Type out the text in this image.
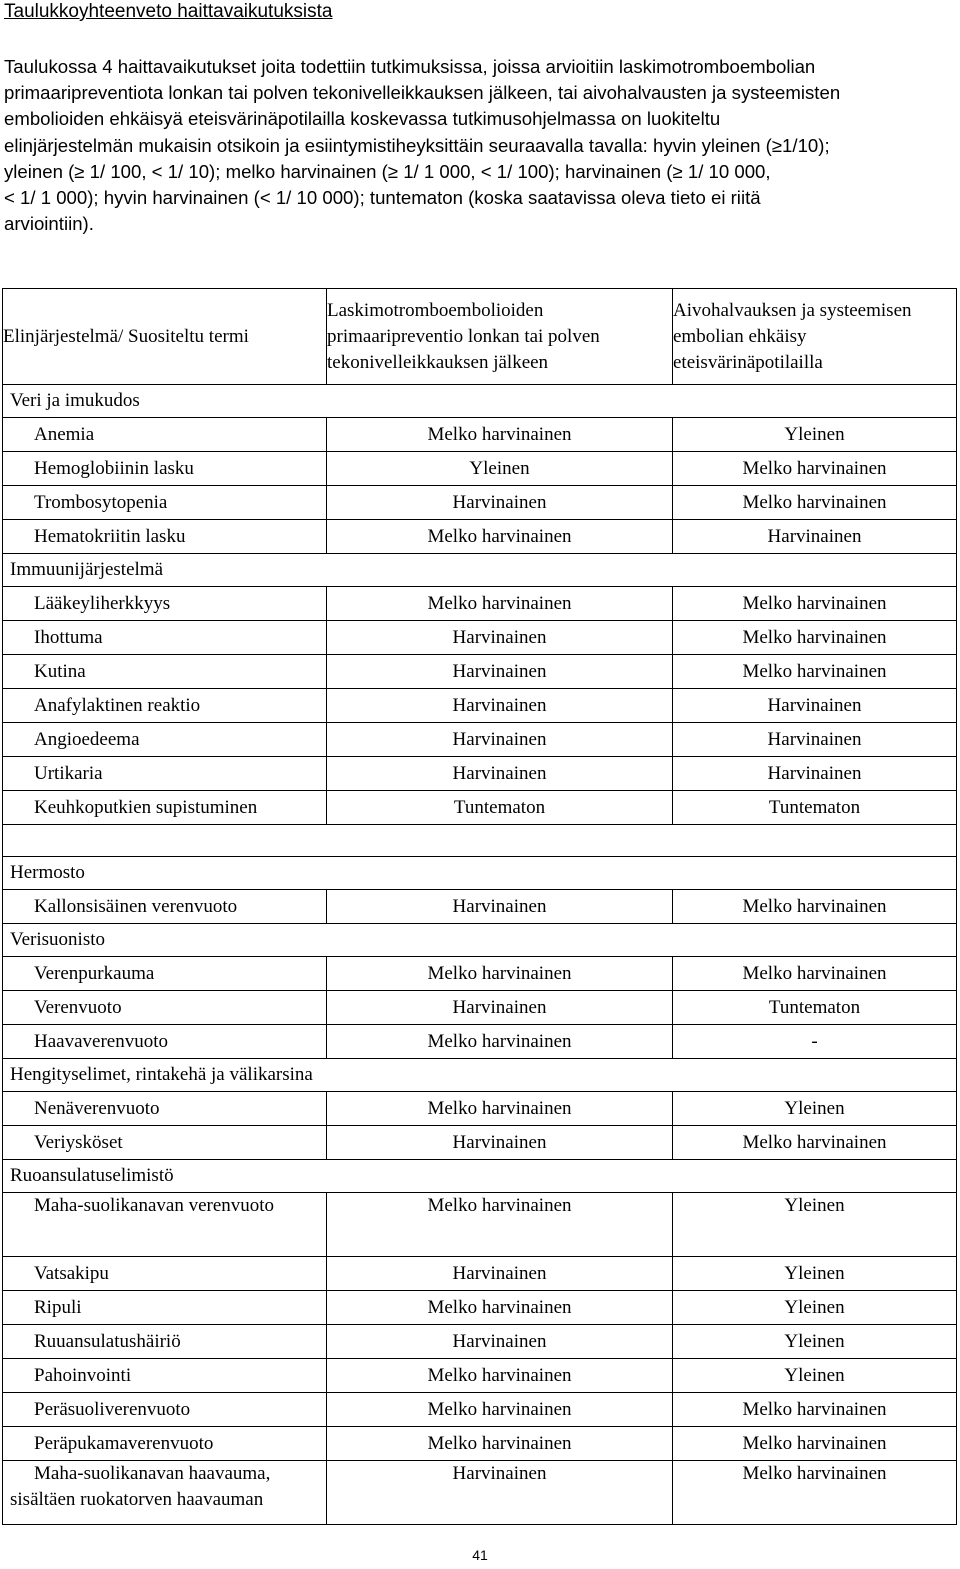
Taulukkoyhteenveto haittavaikutuksista
Taulukossa 4 haittavaikutukset joita todettiin tutkimuksissa, joissa arvioitiin laskimotromboembolian
primaaripreventiota lonkan tai polven tekonivelleikkauksen jälkeen, tai aivohalvausten ja systeemisten
embolioiden ehkäisyä eteisvärinäpotilailla koskevassa tutkimusohjelmassa on luokiteltu
elinjärjestelmän mukaisin otsikoin ja esiintymistiheyksittäin seuraavalla tavalla: hyvin yleinen (≥1/10);
yleinen (≥ 1/ 100, < 1/ 10); melko harvinainen (≥ 1/ 1 000, < 1/ 100); harvinainen (≥ 1/ 10 000,
< 1/ 1 000); hyvin harvinainen (< 1/ 10 000); tuntematon (koska saatavissa oleva tieto ei riitä
arviointiin).
Elinjärjestelmä/ Suositeltu termi	Laskimotromboembolioiden primaaripreventio lonkan tai polven tekonivelleikkauksen jälkeen	Aivohalvauksen ja systeemisen embolian ehkäisy eteisvärinäpotilailla
Veri ja imukudos		
Anemia	Melko harvinainen	Yleinen
Hemoglobiinin lasku	Yleinen	Melko harvinainen
Trombosytopenia	Harvinainen	Melko harvinainen
Hematokriitin lasku	Melko harvinainen	Harvinainen
Immuunijärjestelmä		
Lääkeyliherkkyys	Melko harvinainen	Melko harvinainen
Ihottuma	Harvinainen	Melko harvinainen
Kutina	Harvinainen	Melko harvinainen
Anafylaktinen reaktio	Harvinainen	Harvinainen
Angioedeema	Harvinainen	Harvinainen
Urtikaria	Harvinainen	Harvinainen
Keuhkoputkien supistuminen	Tuntematon	Tuntematon

Hermosto		
Kallonsisäinen verenvuoto	Harvinainen	Melko harvinainen
Verisuonisto		
Verenpurkauma	Melko harvinainen	Melko harvinainen
Verenvuoto	Harvinainen	Tuntematon
Haavaverenvuoto	Melko harvinainen	-
Hengityselimet, rintakehä ja välikarsina		
Nenäverenvuoto	Melko harvinainen	Yleinen
Veriysköset	Harvinainen	Melko harvinainen
Ruoansulatuselimistö		
Maha-suolikanavan verenvuoto	Melko harvinainen	Yleinen
Vatsakipu	Harvinainen	Yleinen
Ripuli	Melko harvinainen	Yleinen
Ruuansulatushäiriö	Harvinainen	Yleinen
Pahoinvointi	Melko harvinainen	Yleinen
Peräsuoliverenvuoto	Melko harvinainen	Melko harvinainen
Peräpukamaverenvuoto	Melko harvinainen	Melko harvinainen
Maha-suolikanavan haavauma, sisältäen ruokatorven haavauman	Harvinainen	Melko harvinainen
41
